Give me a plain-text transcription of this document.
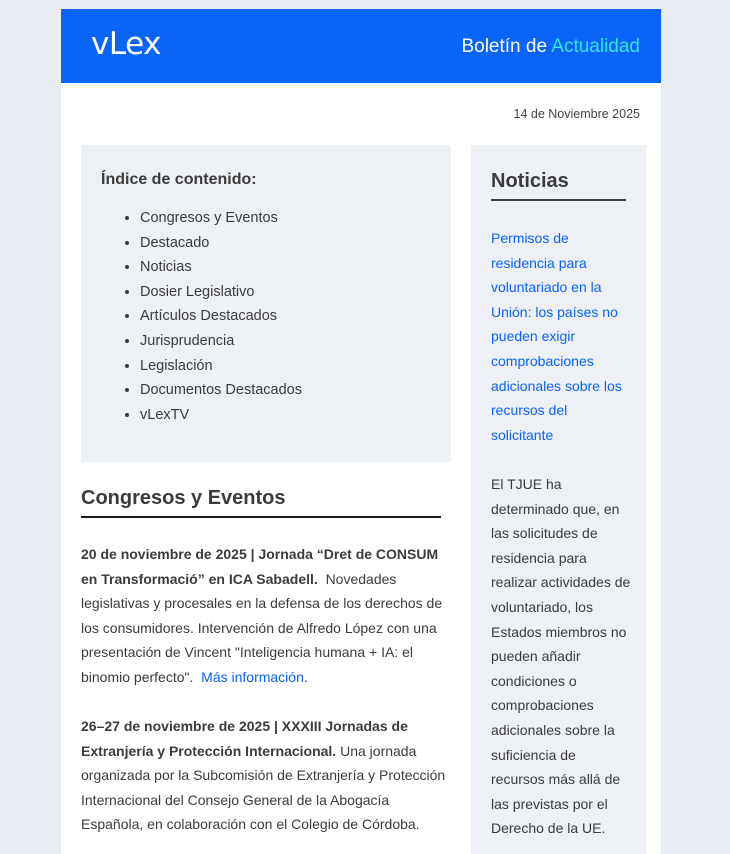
vLex	Boletín de Actualidad
14 de Noviembre 2025
Índice de contenido:
• Congresos y Eventos
• Destacado
• Noticias
• Dosier Legislativo
• Artículos Destacados
• Jurisprudencia
• Legislación
• Documentos Destacados
• vLexTV
Congresos y Eventos
20 de noviembre de 2025 | Jornada “Dret de CONSUM en Transformació” en ICA Sabadell. Novedades legislativas y procesales en la defensa de los derechos de los consumidores. Intervención de Alfredo López con una presentación de Vincent "Inteligencia humana + IA: el binomio perfecto". Más información.
26–27 de noviembre de 2025 | XXXIII Jornadas de Extranjería y Protección Internacional. Una jornada organizada por la Subcomisión de Extranjería y Protección Internacional del Consejo General de la Abogacía Española, en colaboración con el Colegio de Córdoba.
Noticias
Permisos de residencia para voluntariado en la Unión: los países no pueden exigir comprobaciones adicionales sobre los recursos del solicitante
El TJUE ha determinado que, en las solicitudes de residencia para realizar actividades de voluntariado, los Estados miembros no pueden añadir condiciones o comprobaciones adicionales sobre la suficiencia de recursos más allá de las previstas por el Derecho de la UE.
